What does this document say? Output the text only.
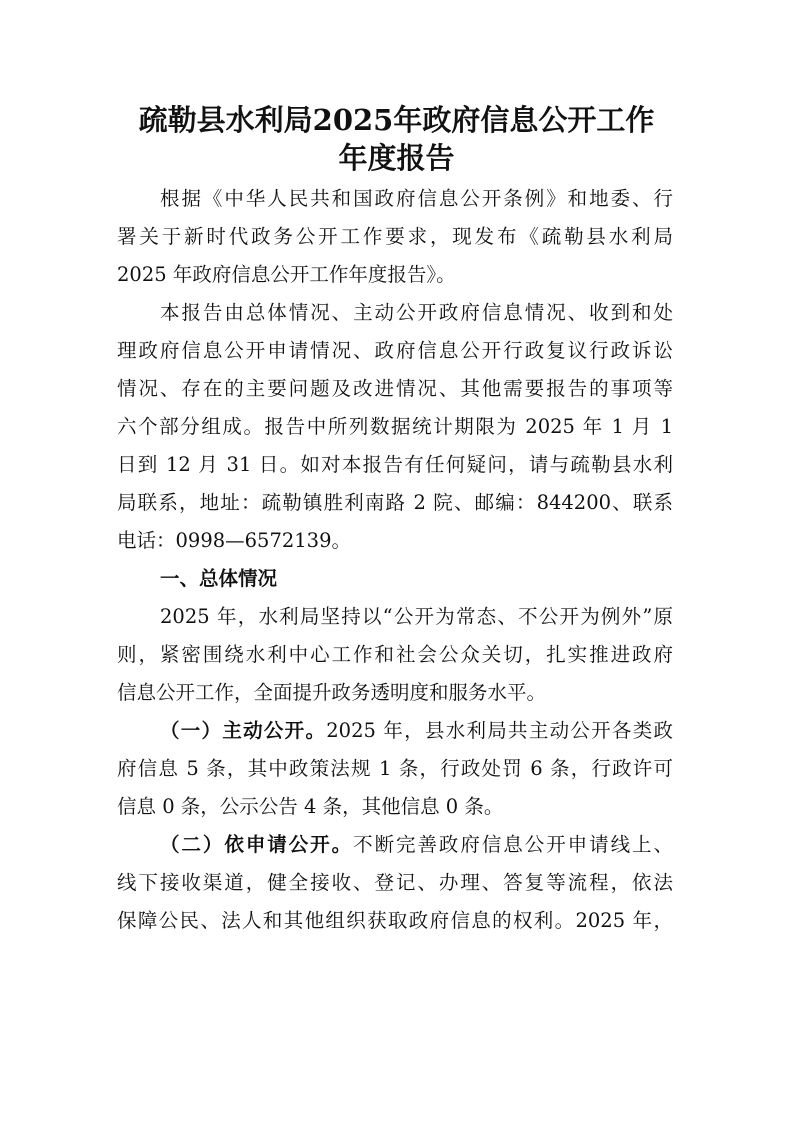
疏勒县水利局2025年政府信息公开工作
年度报告
根据《中华人民共和国政府信息公开条例》和地委、行
署关于新时代政务公开工作要求，现发布《疏勒县水利局
2025 年政府信息公开工作年度报告》。
本报告由总体情况、主动公开政府信息情况、收到和处
理政府信息公开申请情况、政府信息公开行政复议行政诉讼
情况、存在的主要问题及改进情况、其他需要报告的事项等
六个部分组成。报告中所列数据统计期限为 2025 年 1 月 1
日到 12 月 31 日。如对本报告有任何疑问，请与疏勒县水利
局联系，地址：疏勒镇胜利南路 2 院、邮编：844200、联系
电话：0998—6572139。
一、总体情况
2025 年，水利局坚持以“公开为常态、不公开为例外”原
则，紧密围绕水利中心工作和社会公众关切，扎实推进政府
信息公开工作，全面提升政务透明度和服务水平。
（一）主动公开。2025 年，县水利局共主动公开各类政
府信息 5 条，其中政策法规 1 条，行政处罚 6 条，行政许可
信息 0 条，公示公告 4 条，其他信息 0 条。
（二）依申请公开。不断完善政府信息公开申请线上、
线下接收渠道，健全接收、登记、办理、答复等流程，依法
保障公民、法人和其他组织获取政府信息的权利。2025 年，
